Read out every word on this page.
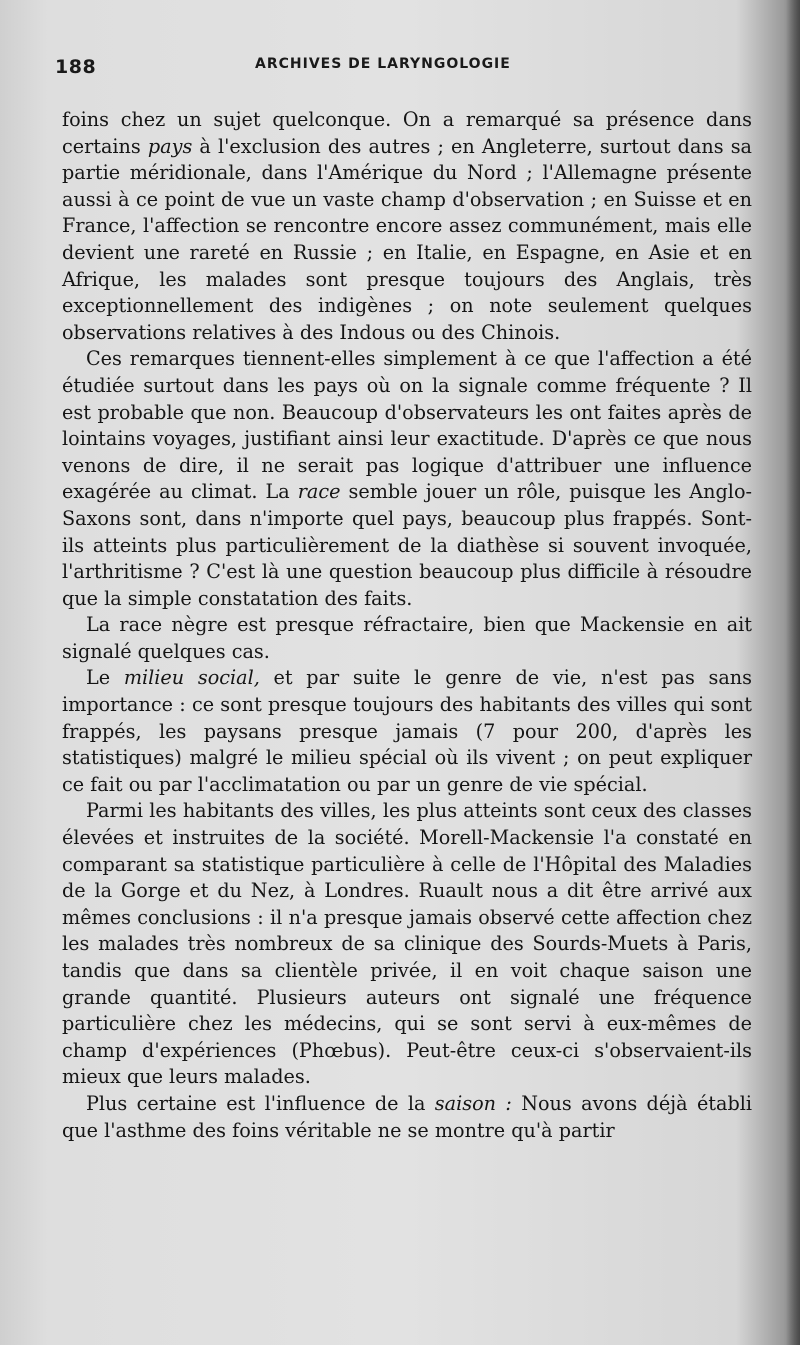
188	ARCHIVES DE LARYNGOLOGIE

foins chez un sujet quelconque. On a remarqué sa présence dans certains pays à l'exclusion des autres ; en Angleterre, surtout dans sa partie méridionale, dans l'Amérique du Nord ; l'Allemagne présente aussi à ce point de vue un vaste champ d'observation ; en Suisse et en France, l'affection se rencontre encore assez communément, mais elle devient une rareté en Russie ; en Italie, en Espagne, en Asie et en Afrique, les malades sont presque toujours des Anglais, très exceptionnellement des indigènes ; on note seulement quelques observations relatives à des Indous ou des Chinois.

Ces remarques tiennent-elles simplement à ce que l'affection a été étudiée surtout dans les pays où on la signale comme fréquente ? Il est probable que non. Beaucoup d'observateurs les ont faites après de lointains voyages, justifiant ainsi leur exactitude. D'après ce que nous venons de dire, il ne serait pas logique d'attribuer une influence exagérée au climat. La race semble jouer un rôle, puisque les Anglo-Saxons sont, dans n'importe quel pays, beaucoup plus frappés. Sont-ils atteints plus particulièrement de la diathèse si souvent invoquée, l'arthritisme ? C'est là une question beaucoup plus difficile à résoudre que la simple constatation des faits.

La race nègre est presque réfractaire, bien que Mackensie en ait signalé quelques cas.

Le milieu social, et par suite le genre de vie, n'est pas sans importance : ce sont presque toujours des habitants des villes qui sont frappés, les paysans presque jamais (7 pour 200, d'après les statistiques) malgré le milieu spécial où ils vivent ; on peut expliquer ce fait ou par l'acclimatation ou par un genre de vie spécial.

Parmi les habitants des villes, les plus atteints sont ceux des classes élevées et instruites de la société. Morell-Mackensie l'a constaté en comparant sa statistique particulière à celle de l'Hôpital des Maladies de la Gorge et du Nez, à Londres. Ruault nous a dit être arrivé aux mêmes conclusions : il n'a presque jamais observé cette affection chez les malades très nombreux de sa clinique des Sourds-Muets à Paris, tandis que dans sa clientèle privée, il en voit chaque saison une grande quantité. Plusieurs auteurs ont signalé une fréquence particulière chez les médecins, qui se sont servi à eux-mêmes de champ d'expériences (Phœbus). Peut-être ceux-ci s'observaient-ils mieux que leurs malades.

Plus certaine est l'influence de la saison : Nous avons déjà établi que l'asthme des foins véritable ne se montre qu'à partir
